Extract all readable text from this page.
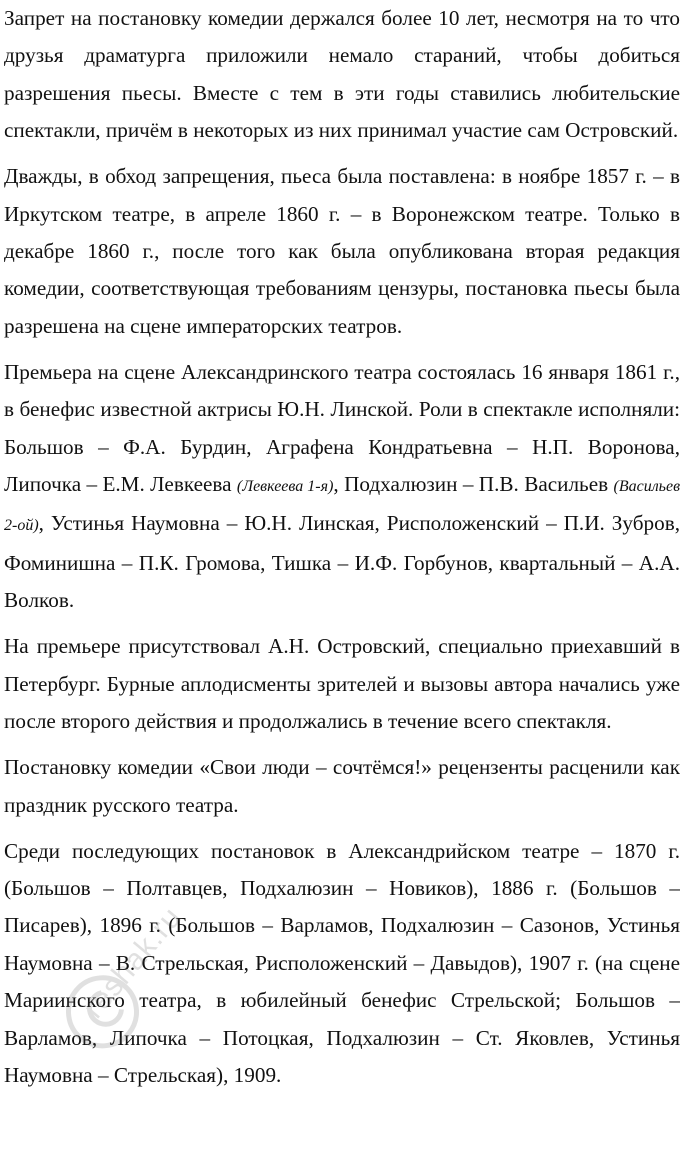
Запрет на постановку комедии держался более 10 лет, несмотря на то что друзья драматурга приложили немало стараний, чтобы добиться разрешения пьесы. Вместе с тем в эти годы ставились любительские спектакли, причём в некоторых из них принимал участие сам Островский.

Дважды, в обход запрещения, пьеса была поставлена: в ноябре 1857 г. – в Иркутском театре, в апреле 1860 г. – в Воронежском театре. Только в декабре 1860 г., после того как была опубликована вторая редакция комедии, соответствующая требованиям цензуры, постановка пьесы была разрешена на сцене императорских театров.

Премьера на сцене Александринского театра состоялась 16 января 1861 г., в бенефис известной актрисы Ю.Н. Линской. Роли в спектакле исполняли: Большов – Ф.А. Бурдин, Аграфена Кондратьевна – Н.П. Воронова, Липочка – Е.М. Левкеева (Левкеева 1-я), Подхалюзин – П.В. Васильев (Васильев 2-ой), Устинья Наумовна – Ю.Н. Линская, Рисположенский – П.И. Зубров, Фоминишна – П.К. Громова, Тишка – И.Ф. Горбунов, квартальный – А.А. Волков.

На премьере присутствовал А.Н. Островский, специально приехавший в Петербург. Бурные аплодисменты зрителей и вызовы автора начались уже после второго действия и продолжались в течение всего спектакля.

Постановку комедии «Свои люди – сочтёмся!» рецензенты расценили как праздник русского театра.

Среди последующих постановок в Александрийском театре – 1870 г. (Большов – Полтавцев, Подхалюзин – Новиков), 1886 г. (Большов – Писарев), 1896 г. (Большов – Варламов, Подхалюзин – Сазонов, Устинья Наумовна – В. Стрельская, Рисположенский – Давыдов), 1907 г. (на сцене Мариинского театра, в юбилейный бенефис Стрельской; Большов – Варламов, Липочка – Потоцкая, Подхалюзин – Ст. Яковлев, Устинья Наумовна – Стрельская), 1909.

reshak.ru
